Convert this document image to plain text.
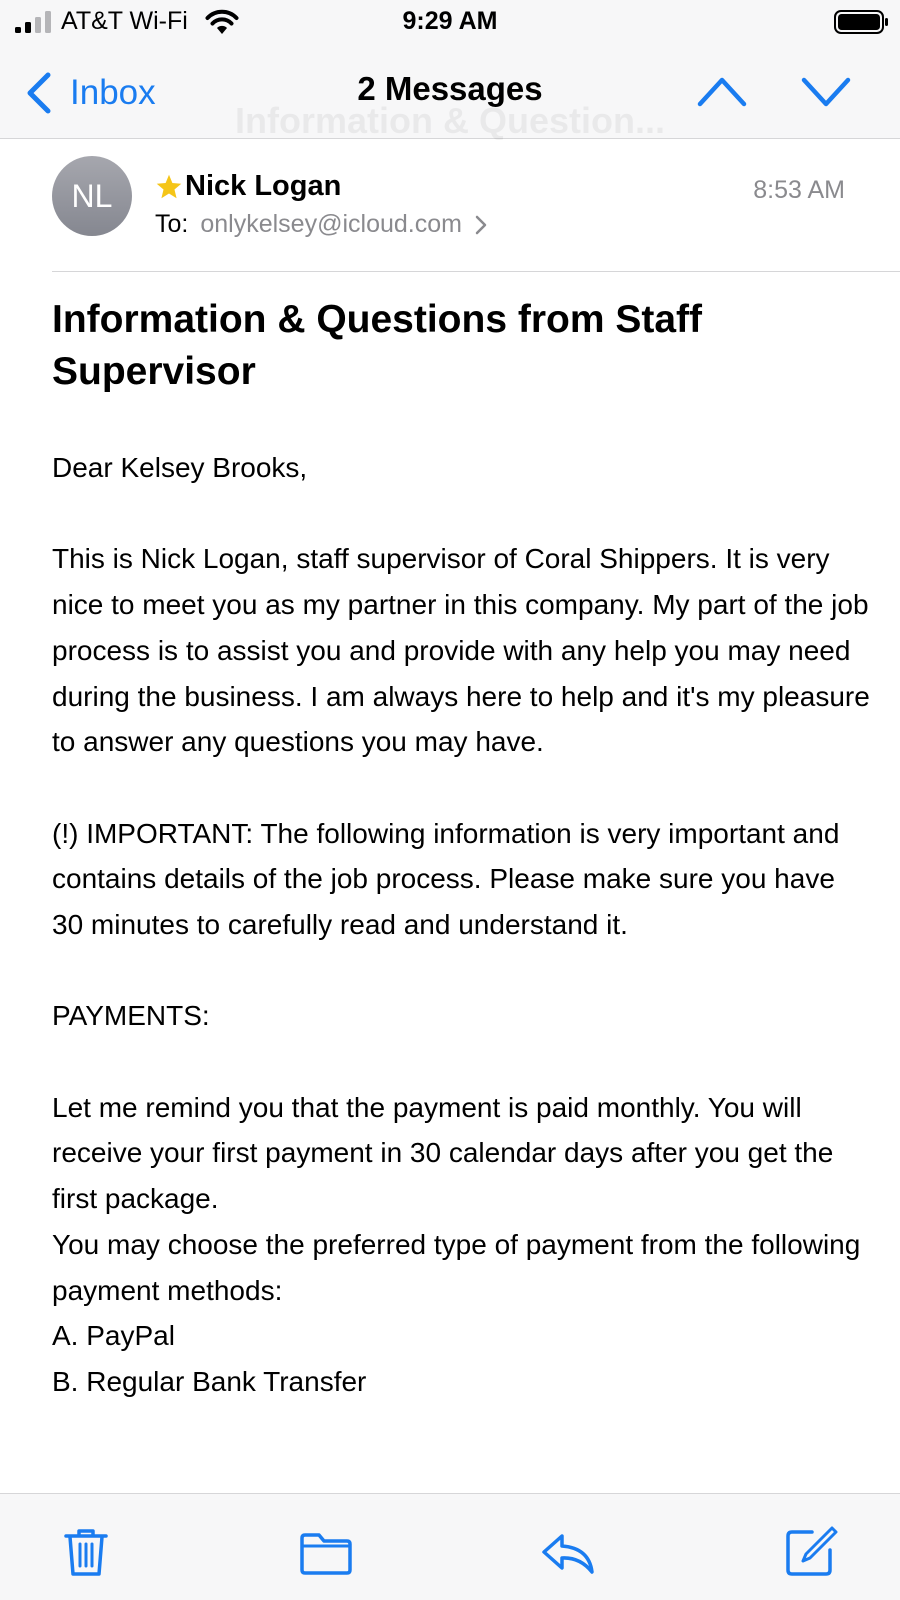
AT&T Wi-Fi	9:29 AM
Inbox	2 Messages
Information & Question...
NL	Nick Logan	8:53 AM
To: onlykelsey@icloud.com
Information & Questions from Staff Supervisor
Dear Kelsey Brooks,
This is Nick Logan, staff supervisor of Coral Shippers. It is very nice to meet you as my partner in this company. My part of the job process is to assist you and provide with any help you may need during the business. I am always here to help and it's my pleasure to answer any questions you may have.
(!) IMPORTANT: The following information is very important and contains details of the job process. Please make sure you have 30 minutes to carefully read and understand it.
PAYMENTS:
Let me remind you that the payment is paid monthly. You will receive your first payment in 30 calendar days after you get the first package.
You may choose the preferred type of payment from the following payment methods:
A. PayPal
B. Regular Bank Transfer
